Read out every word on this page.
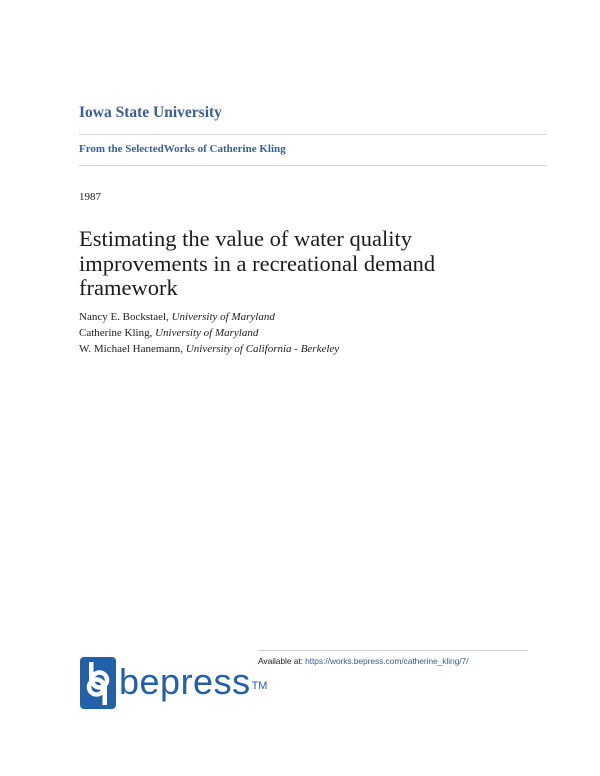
Iowa State University
From the SelectedWorks of Catherine Kling
1987
Estimating the value of water quality improvements in a recreational demand framework
Nancy E. Bockstael, University of Maryland
Catherine Kling, University of Maryland
W. Michael Hanemann, University of California - Berkeley
Available at: https://works.bepress.com/catherine_kling/7/
bepress™
